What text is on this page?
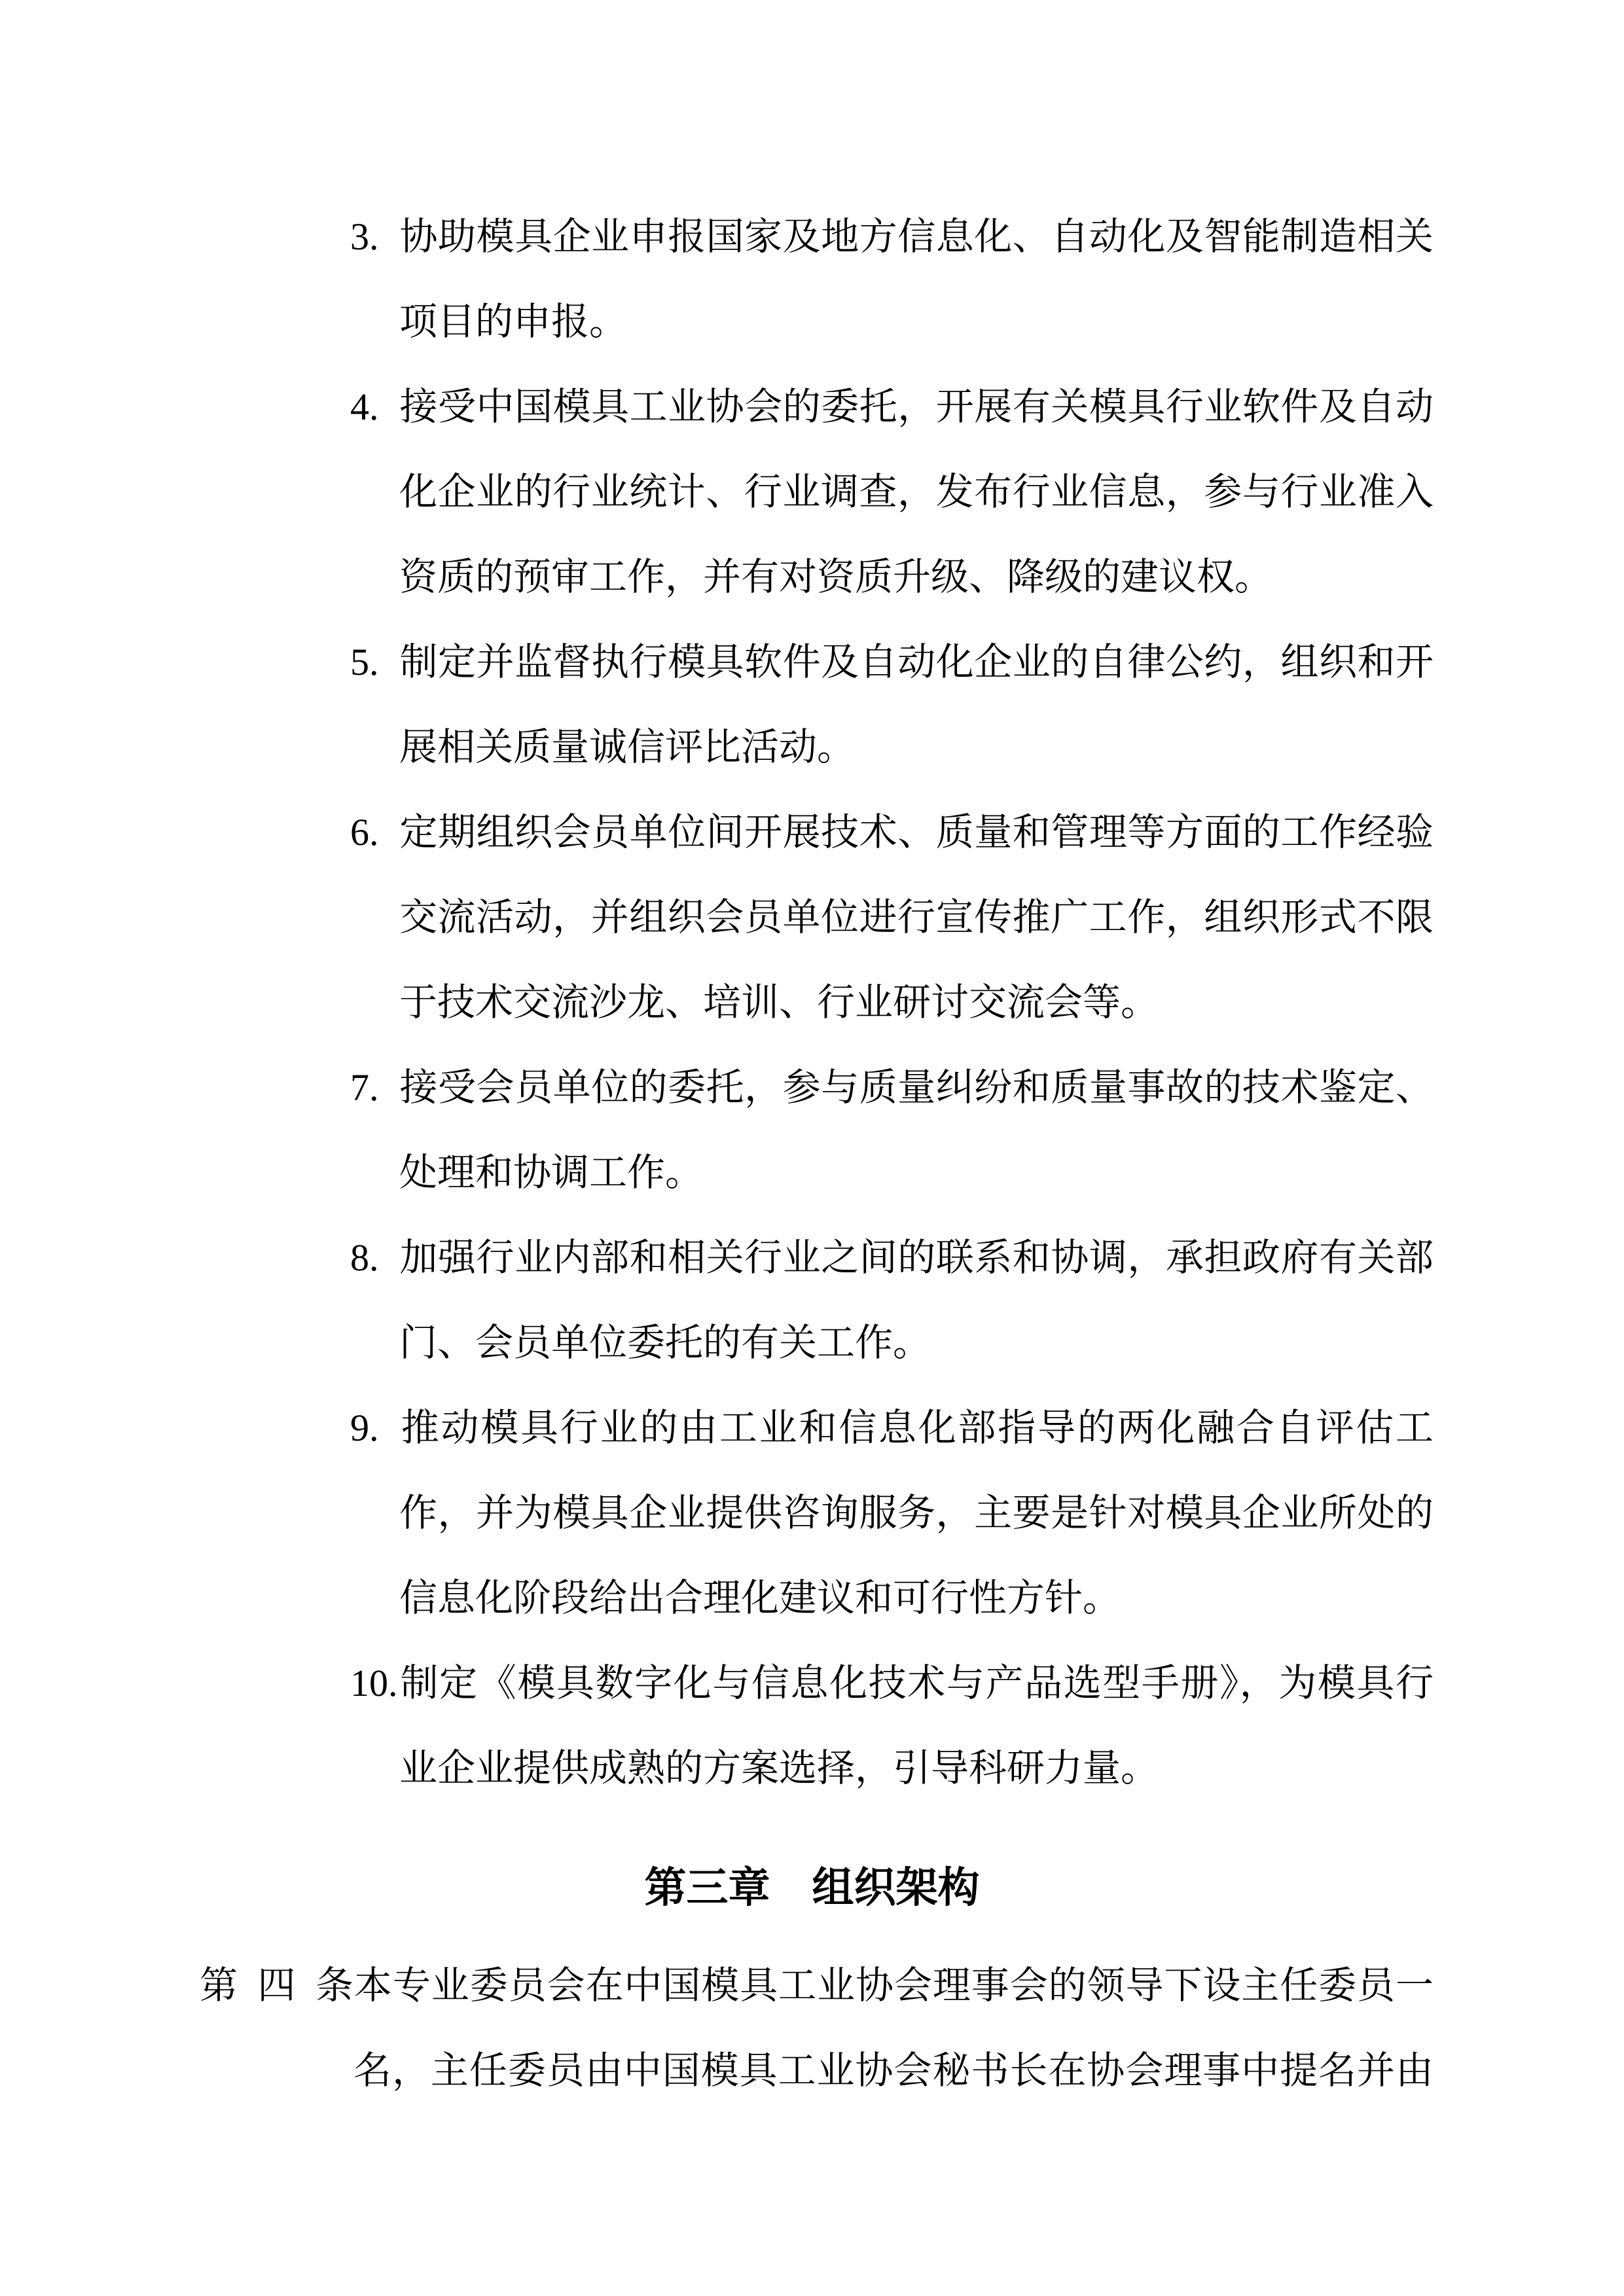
3. 协助模具企业申报国家及地方信息化、自动化及智能制造相关
项目的申报。
4. 接受中国模具工业协会的委托，开展有关模具行业软件及自动
化企业的行业统计、行业调查，发布行业信息，参与行业准入
资质的预审工作，并有对资质升级、降级的建议权。
5. 制定并监督执行模具软件及自动化企业的自律公约，组织和开
展相关质量诚信评比活动。
6. 定期组织会员单位间开展技术、质量和管理等方面的工作经验
交流活动，并组织会员单位进行宣传推广工作，组织形式不限
于技术交流沙龙、培训、行业研讨交流会等。
7. 接受会员单位的委托，参与质量纠纷和质量事故的技术鉴定、
处理和协调工作。
8. 加强行业内部和相关行业之间的联系和协调，承担政府有关部
门、会员单位委托的有关工作。
9. 推动模具行业的由工业和信息化部指导的两化融合自评估工
作，并为模具企业提供咨询服务，主要是针对模具企业所处的
信息化阶段给出合理化建议和可行性方针。
10.制定《模具数字化与信息化技术与产品选型手册》，为模具行
业企业提供成熟的方案选择，引导科研力量。
第三章　组织架构
第四条本专业委员会在中国模具工业协会理事会的领导下设主任委员一
名，主任委员由中国模具工业协会秘书长在协会理事中提名并由
